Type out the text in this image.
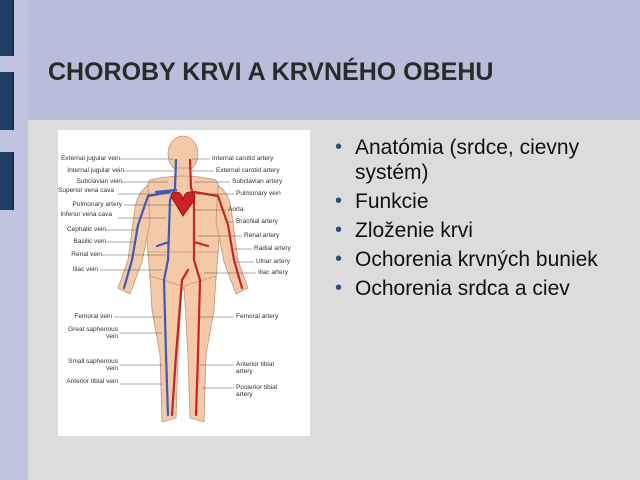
CHOROBY KRVI A KRVNÉHO OBEHU
External jugular vein
Internal jugular vein
Subclavian vein
Superior vena cava
Pulmonary artery
Inferior vena cava
Cephalic vein
Basilic vein
Renal vein
Iliac vein
Femoral vein
Great saphenous vein
Small saphenous vein
Anterior tibial vein
Internal carotid artery
External carotid artery
Subclavian artery
Pulmonary vein
Aorta
Brachial artery
Renal artery
Radial artery
Ulnar artery
Iliac artery
Femoral artery
Anterior tibial artery
Posterior tibial artery
• Anatómia (srdce, cievny systém)
• Funkcie
• Zloženie krvi
• Ochorenia krvných buniek
• Ochorenia srdca a ciev
